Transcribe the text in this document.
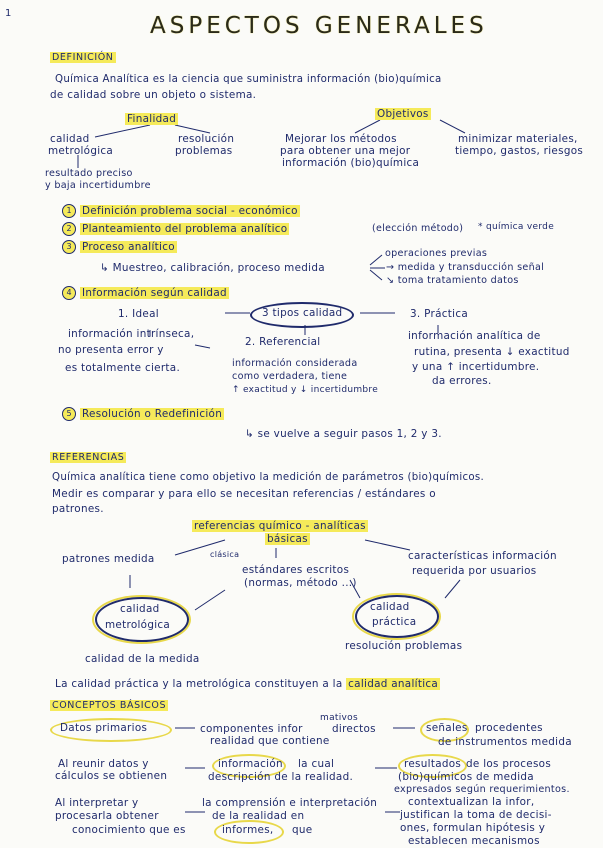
1	ASPECTOS GENERALES
DEFINICIÓN
Química Analítica es la ciencia que suministra información (bio)química
de calidad sobre un objeto o sistema.
Finalidad	Objetivos
calidad
metrológica
resolución
problemas
Mejorar los métodos
para obtener una mejor
información (bio)química
minimizar materiales,
tiempo, gastos, riesgos
resultado preciso
y baja incertidumbre
1	Definición problema social - económico
2	Planteamiento del problema analítico	(elección método) * química verde
3	Proceso analítico
↳ Muestreo, calibración, proceso medida
operaciones previas
→ medida y transducción señal
↘ toma tratamiento datos
4	Información según calidad
3 tipos calidad
1. Ideal
2. Referencial
3. Práctica
información intrínseca,
no presenta error y
es totalmente cierta.	información considerada
como verdadera, tiene
↑ exactitud y ↓ incertidumbre
información analítica de
rutina, presenta ↓ exactitud
y una ↑ incertidumbre.
da errores.
5	Resolución o Redefinición
↳ se vuelve a seguir pasos 1, 2 y 3.
REFERENCIAS
Química analítica tiene como objetivo la medición de parámetros (bio)químicos.
Medir es comparar y para ello se necesitan referencias / estándares o
patrones.
referencias químico - analíticas
básicas
patrones medida	clásica
estándares escritos
(normas, método ...)
características información
requerida por usuarios
calidad
metrológica
calidad
práctica
calidad de la medida
resolución problemas
La calidad práctica y la metrológica constituyen a la calidad analítica
CONCEPTOS BÁSICOS
Datos primarios	componentes infor
mativos
directos
realidad que contiene
señales procedentes
de instrumentos medida
Al reunir datos y
cálculos se obtienen
información la cual
descripción de la realidad.
resultados de los procesos
(bio)químicos de medida
expresados según requerimientos.
Al interpretar y
procesarla obtener
conocimiento que es
la comprensión e interpretación
de la realidad en
informes, que
contextualizan la infor,
justifican la toma de decisi-
ones, formulan hipótesis y
establecen mecanismos
